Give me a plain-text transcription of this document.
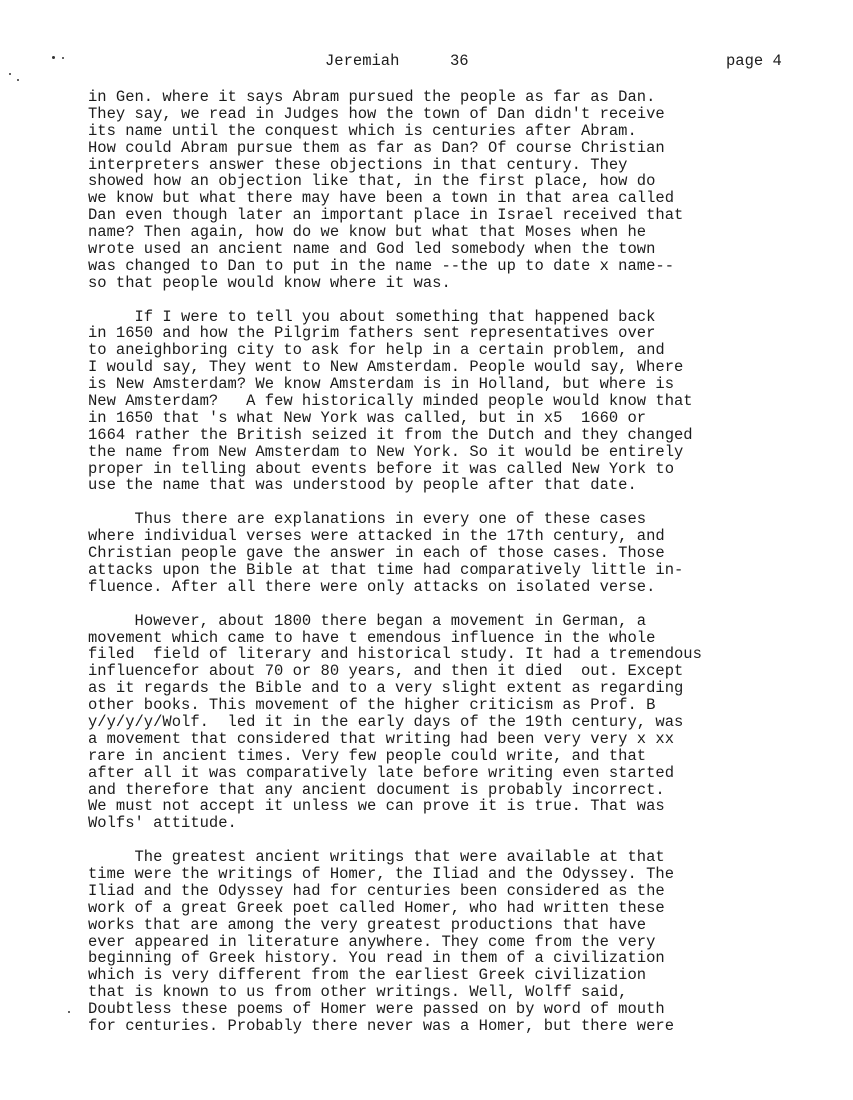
Jeremiah	36	page 4
in Gen. where it says Abram pursued the people as far as Dan.
They say, we read in Judges how the town of Dan didn't receive
its name until the conquest which is centuries after Abram.
How could Abram pursue them as far as Dan? Of course Christian
interpreters answer these objections in that century. They
showed how an objection like that, in the first place, how do
we know but what there may have been a town in that area called
Dan even though later an important place in Israel received that
name? Then again, how do we know but what that Moses when he
wrote used an ancient name and God led somebody when the town
was changed to Dan to put in the name --the up to date x name--
so that people would know where it was.
If I were to tell you about something that happened back
in 1650 and how the Pilgrim fathers sent representatives over
to aneighboring city to ask for help in a certain problem, and
I would say, They went to New Amsterdam. People would say, Where
is New Amsterdam? We know Amsterdam is in Holland, but where is
New Amsterdam?   A few historically minded people would know that
in 1650 that 's what New York was called, but in x5  1660 or
1664 rather the British seized it from the Dutch and they changed
the name from New Amsterdam to New York. So it would be entirely
proper in telling about events before it was called New York to
use the name that was understood by people after that date.
Thus there are explanations in every one of these cases
where individual verses were attacked in the 17th century, and
Christian people gave the answer in each of those cases. Those
attacks upon the Bible at that time had comparatively little in-
fluence. After all there were only attacks on isolated verse.
However, about 1800 there began a movement in German, a
movement which came to have t emendous influence in the whole
filed  field of literary and historical study. It had a tremendous
influencefor about 70 or 80 years, and then it died  out. Except
as it regards the Bible and to a very slight extent as regarding
other books. This movement of the higher criticism as Prof. B
y/y/y/y/Wolf.  led it in the early days of the 19th century, was
a movement that considered that writing had been very very x xx
rare in ancient times. Very few people could write, and that
after all it was comparatively late before writing even started
and therefore that any ancient document is probably incorrect.
We must not accept it unless we can prove it is true. That was
Wolfs' attitude.
The greatest ancient writings that were available at that
time were the writings of Homer, the Iliad and the Odyssey. The
Iliad and the Odyssey had for centuries been considered as the
work of a great Greek poet called Homer, who had written these
works that are among the very greatest productions that have
ever appeared in literature anywhere. They come from the very
beginning of Greek history. You read in them of a civilization
which is very different from the earliest Greek civilization
that is known to us from other writings. Well, Wolff said,
Doubtless these poems of Homer were passed on by word of mouth
for centuries. Probably there never was a Homer, but there were
